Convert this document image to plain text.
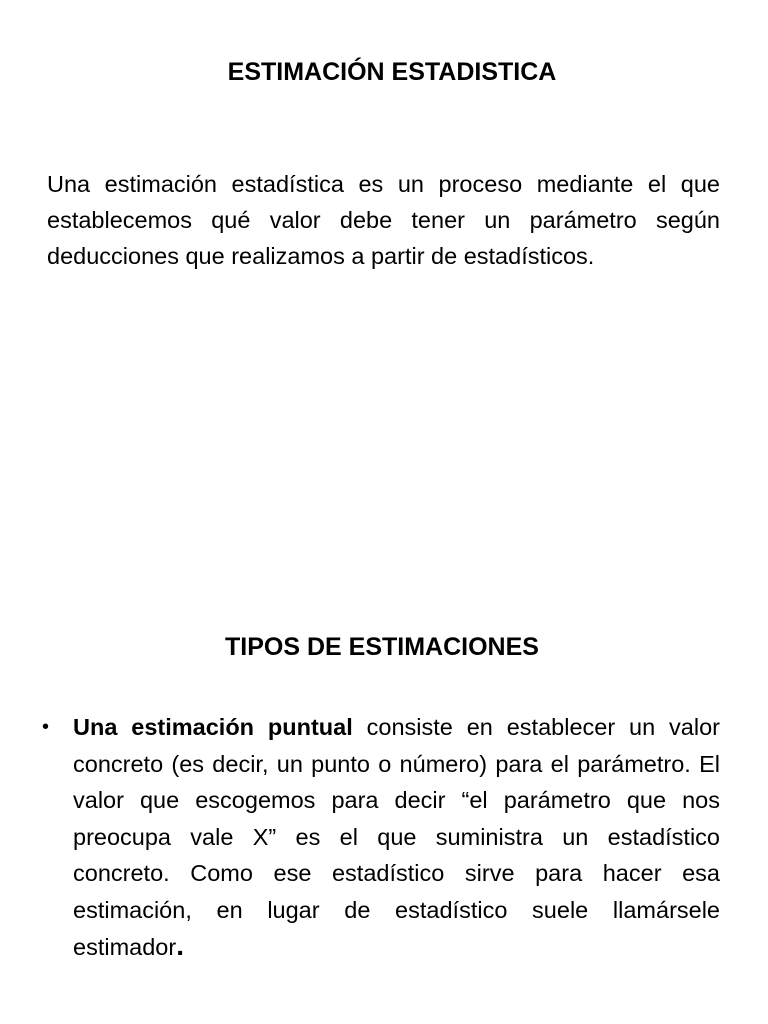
ESTIMACIÓN ESTADISTICA

Una estimación estadística es un proceso mediante el que establecemos qué valor debe tener un parámetro según deducciones que realizamos a partir de estadísticos.

TIPOS DE ESTIMACIONES
• Una estimación puntual consiste en establecer un valor concreto (es decir, un punto o número) para el parámetro. El valor que escogemos para decir “el parámetro que nos preocupa vale X” es el que suministra un estadístico concreto. Como ese estadístico sirve para hacer esa estimación, en lugar de estadístico suele llamársele estimador.
